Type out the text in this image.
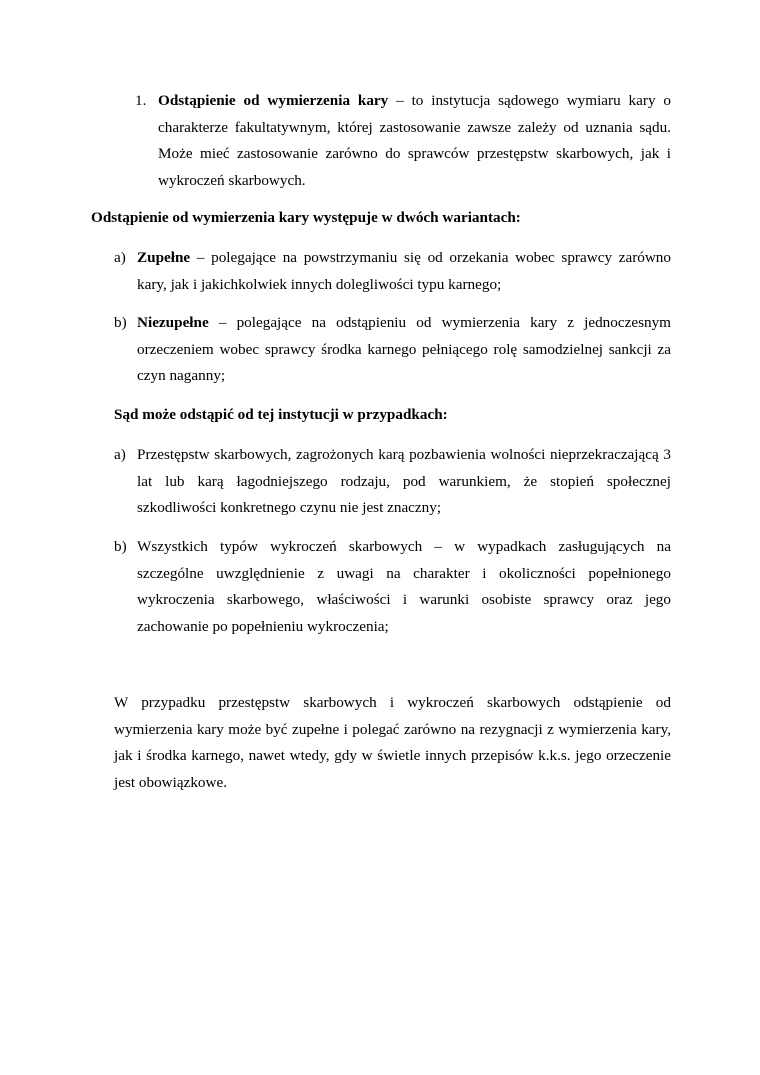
1. Odstąpienie od wymierzenia kary – to instytucja sądowego wymiaru kary o charakterze fakultatywnym, której zastosowanie zawsze zależy od uznania sądu. Może mieć zastosowanie zarówno do sprawców przestępstw skarbowych, jak i wykroczeń skarbowych.
Odstąpienie od wymierzenia kary występuje w dwóch wariantach:
a) Zupełne – polegające na powstrzymaniu się od orzekania wobec sprawcy zarówno kary, jak i jakichkolwiek innych dolegliwości typu karnego;
b) Niezupełne – polegające na odstąpieniu od wymierzenia kary z jednoczesnym orzeczeniem wobec sprawcy środka karnego pełniącego rolę samodzielnej sankcji za czyn naganny;
Sąd może odstąpić od tej instytucji w przypadkach:
a) Przestępstw skarbowych, zagrożonych karą pozbawienia wolności nieprzekraczającą 3 lat lub karą łagodniejszego rodzaju, pod warunkiem, że stopień społecznej szkodliwości konkretnego czynu nie jest znaczny;
b) Wszystkich typów wykroczeń skarbowych – w wypadkach zasługujących na szczególne uwzględnienie z uwagi na charakter i okoliczności popełnionego wykroczenia skarbowego, właściwości i warunki osobiste sprawcy oraz jego zachowanie po popełnieniu wykroczenia;
W przypadku przestępstw skarbowych i wykroczeń skarbowych odstąpienie od wymierzenia kary może być zupełne i polegać zarówno na rezygnacji z wymierzenia kary, jak i środka karnego, nawet wtedy, gdy w świetle innych przepisów k.k.s. jego orzeczenie jest obowiązkowe.
